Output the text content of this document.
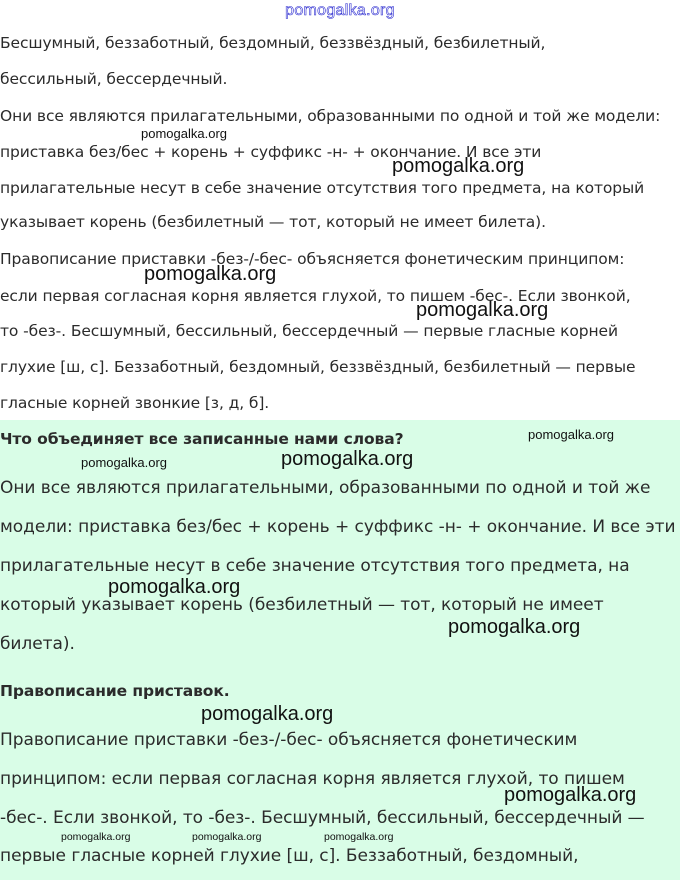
pomogalka.org
Бесшумный, беззаботный, бездомный, беззвёздный, безбилетный,
бессильный, бессердечный.
Они все являются прилагательными, образованными по одной и той же модели:
приставка без/бес + корень + суффикс -н- + окончание. И все эти
прилагательные несут в себе значение отсутствия того предмета, на который
указывает корень (безбилетный — тот, который не имеет билета).
Правописание приставки -без-/-бес- объясняется фонетическим принципом:
если первая согласная корня является глухой, то пишем -бес-. Если звонкой,
то -без-. Бесшумный, бессильный, бессердечный — первые гласные корней
глухие [ш, с]. Беззаботный, бездомный, беззвёздный, безбилетный — первые
гласные корней звонкие [з, д, б].
Что объединяет все записанные нами слова?
Они все являются прилагательными, образованными по одной и той же
модели: приставка без/бес + корень + суффикс -н- + окончание. И все эти
прилагательные несут в себе значение отсутствия того предмета, на
который указывает корень (безбилетный — тот, который не имеет
билета).
Правописание приставок.
Правописание приставки -без-/-бес- объясняется фонетическим
принципом: если первая согласная корня является глухой, то пишем
-бес-. Если звонкой, то -без-. Бесшумный, бессильный, бессердечный —
первые гласные корней глухие [ш, с]. Беззаботный, бездомный,
pomogalka.org
pomogalka.org
pomogalka.org
pomogalka.org
pomogalka.org
pomogalka.org	pomogalka.org
pomogalka.org
pomogalka.org
pomogalka.org
pomogalka.org
pomogalka.org	pomogalka.org	pomogalka.org
